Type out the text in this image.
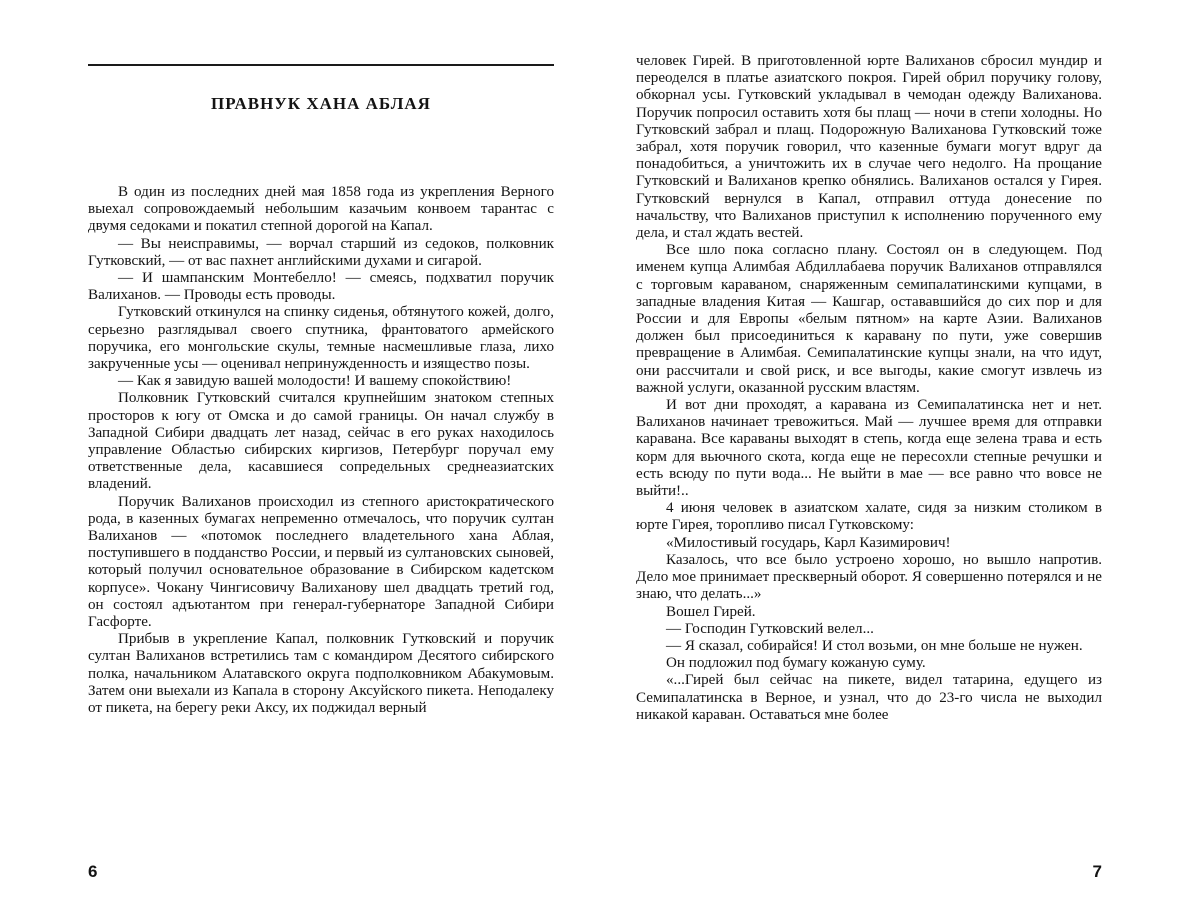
ПРАВНУК ХАНА АБЛАЯ

В один из последних дней мая 1858 года из укрепления Верного выехал сопровождаемый небольшим казачьим конвоем тарантас с двумя седоками и покатил степной дорогой на Капал.

— Вы неисправимы, — ворчал старший из седоков, полковник Гутковский, — от вас пахнет английскими духами и сигарой.

— И шампанским Монтебелло! — смеясь, подхватил поручик Валиханов. — Проводы есть проводы.

Гутковский откинулся на спинку сиденья, обтянутого кожей, долго, серьезно разглядывал своего спутника, франтоватого армейского поручика, его монгольские скулы, темные насмешливые глаза, лихо закрученные усы — оценивал непринужденность и изящество позы.

— Как я завидую вашей молодости! И вашему спокойствию!

Полковник Гутковский считался крупнейшим знатоком степных просторов к югу от Омска и до самой границы. Он начал службу в Западной Сибири двадцать лет назад, сейчас в его руках находилось управление Областью сибирских киргизов, Петербург поручал ему ответственные дела, касавшиеся сопредельных среднеазиатских владений.

Поручик Валиханов происходил из степного аристократического рода, в казенных бумагах непременно отмечалось, что поручик султан Валиханов — «потомок последнего владетельного хана Аблая, поступившего в подданство России, и первый из султановских сыновей, который получил основательное образование в Сибирском кадетском корпусе». Чокану Чингисовичу Валиханову шел двадцать третий год, он состоял адъютантом при генерал-губернаторе Западной Сибири Гасфорте.

Прибыв в укрепление Капал, полковник Гутковский и поручик султан Валиханов встретились там с командиром Десятого сибирского полка, начальником Алатавского округа подполковником Абакумовым. Затем они выехали из Капала в сторону Аксуйского пикета. Неподалеку от пикета, на берегу реки Аксу, их поджидал верный

6

человек Гирей. В приготовленной юрте Валиханов сбросил мундир и переоделся в платье азиатского покроя. Гирей обрил поручику голову, обкорнал усы. Гутковский укладывал в чемодан одежду Валиханова. Поручик попросил оставить хотя бы плащ — ночи в степи холодны. Но Гутковский забрал и плащ. Подорожную Валиханова Гутковский тоже забрал, хотя поручик говорил, что казенные бумаги могут вдруг да понадобиться, а уничтожить их в случае чего недолго. На прощание Гутковский и Валиханов крепко обнялись. Валиханов остался у Гирея. Гутковский вернулся в Капал, отправил оттуда донесение по начальству, что Валиханов приступил к исполнению порученного ему дела, и стал ждать вестей.

Все шло пока согласно плану. Состоял он в следующем. Под именем купца Алимбая Абдиллабаева поручик Валиханов отправлялся с торговым караваном, снаряженным семипалатинскими купцами, в западные владения Китая — Кашгар, остававшийся до сих пор и для России и для Европы «белым пятном» на карте Азии. Валиханов должен был присоединиться к каравану по пути, уже совершив превращение в Алимбая. Семипалатинские купцы знали, на что идут, они рассчитали и свой риск, и все выгоды, какие смогут извлечь из важной услуги, оказанной русским властям.

И вот дни проходят, а каравана из Семипалатинска нет и нет. Валиханов начинает тревожиться. Май — лучшее время для отправки каравана. Все караваны выходят в степь, когда еще зелена трава и есть корм для вьючного скота, когда еще не пересохли степные речушки и есть всюду по пути вода... Не выйти в мае — все равно что вовсе не выйти!..

4 июня человек в азиатском халате, сидя за низким столиком в юрте Гирея, торопливо писал Гутковскому:

«Милостивый государь, Карл Казимирович!

Казалось, что все было устроено хорошо, но вышло напротив. Дело мое принимает прескверный оборот. Я совершенно потерялся и не знаю, что делать...»

Вошел Гирей.

— Господин Гутковский велел...

— Я сказал, собирайся! И стол возьми, он мне больше не нужен.

Он подложил под бумагу кожаную суму.

«...Гирей был сейчас на пикете, видел татарина, едущего из Семипалатинска в Верное, и узнал, что до 23-го числа не выходил никакой караван. Оставаться мне более

7
